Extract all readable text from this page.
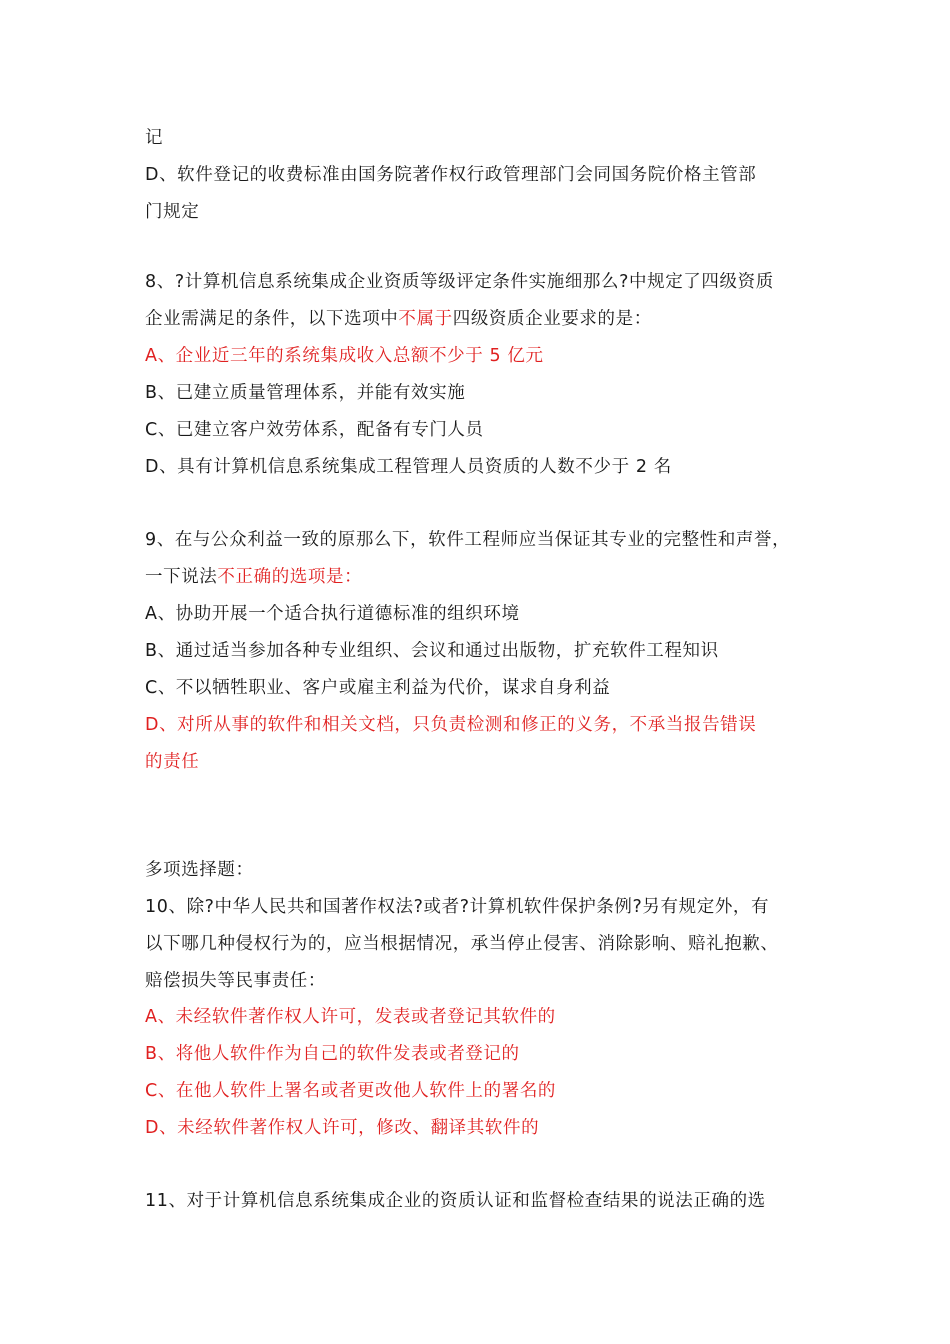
记
D、软件登记的收费标准由国务院著作权行政管理部门会同国务院价格主管部
门规定
8、?计算机信息系统集成企业资质等级评定条件实施细那么?中规定了四级资质
企业需满足的条件，以下选项中不属于四级资质企业要求的是：
A、企业近三年的系统集成收入总额不少于 5 亿元
B、已建立质量管理体系，并能有效实施
C、已建立客户效劳体系，配备有专门人员
D、具有计算机信息系统集成工程管理人员资质的人数不少于 2 名
9、在与公众利益一致的原那么下，软件工程师应当保证其专业的完整性和声誉，
一下说法不正确的选项是：
A、协助开展一个适合执行道德标准的组织环境
B、通过适当参加各种专业组织、会议和通过出版物，扩充软件工程知识
C、不以牺牲职业、客户或雇主利益为代价，谋求自身利益
D、对所从事的软件和相关文档，只负责检测和修正的义务，不承当报告错误
的责任
多项选择题：
10、除?中华人民共和国著作权法?或者?计算机软件保护条例?另有规定外，有
以下哪几种侵权行为的，应当根据情况，承当停止侵害、消除影响、赔礼抱歉、
赔偿损失等民事责任：
A、未经软件著作权人许可，发表或者登记其软件的
B、将他人软件作为自己的软件发表或者登记的
C、在他人软件上署名或者更改他人软件上的署名的
D、未经软件著作权人许可，修改、翻译其软件的
11、对于计算机信息系统集成企业的资质认证和监督检查结果的说法正确的选
